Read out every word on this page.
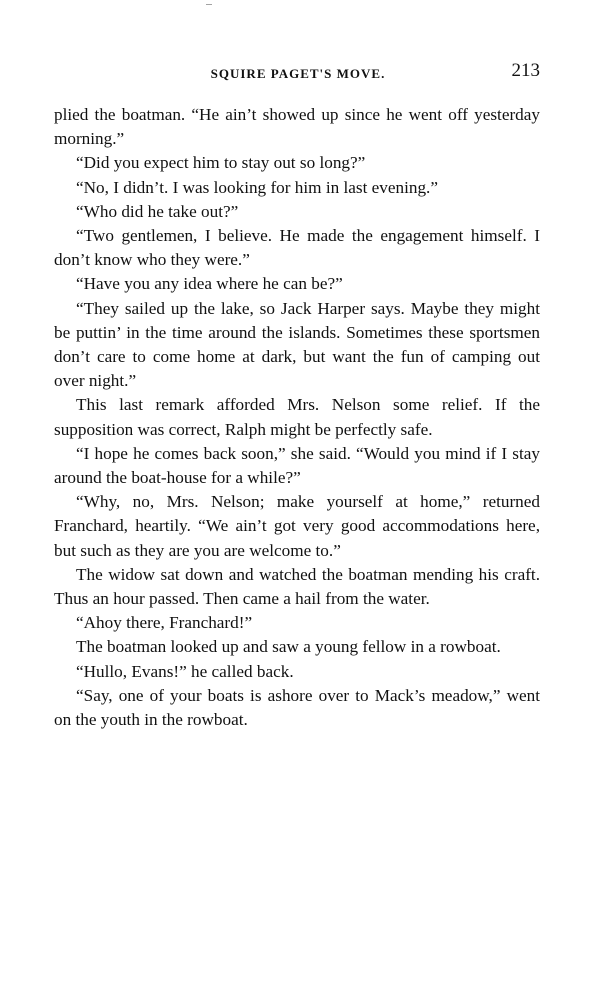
SQUIRE PAGET'S MOVE.	213

plied the boatman. “He ain’t showed up since he went off yesterday morning.”

“Did you expect him to stay out so long?”

“No, I didn’t. I was looking for him in last evening.”

“Who did he take out?”

“Two gentlemen, I believe. He made the engagement himself. I don’t know who they were.”

“Have you any idea where he can be?”

“They sailed up the lake, so Jack Harper says. Maybe they might be puttin’ in the time around the islands. Sometimes these sportsmen don’t care to come home at dark, but want the fun of camping out over night.”

This last remark afforded Mrs. Nelson some relief. If the supposition was correct, Ralph might be perfectly safe.

“I hope he comes back soon,” she said. “Would you mind if I stay around the boat-house for a while?”

“Why, no, Mrs. Nelson; make yourself at home,” returned Franchard, heartily. “We ain’t got very good accommodations here, but such as they are you are welcome to.”

The widow sat down and watched the boatman mending his craft. Thus an hour passed. Then came a hail from the water.

“Ahoy there, Franchard!”

The boatman looked up and saw a young fellow in a rowboat.

“Hullo, Evans!” he called back.

“Say, one of your boats is ashore over to Mack’s meadow,” went on the youth in the rowboat.
